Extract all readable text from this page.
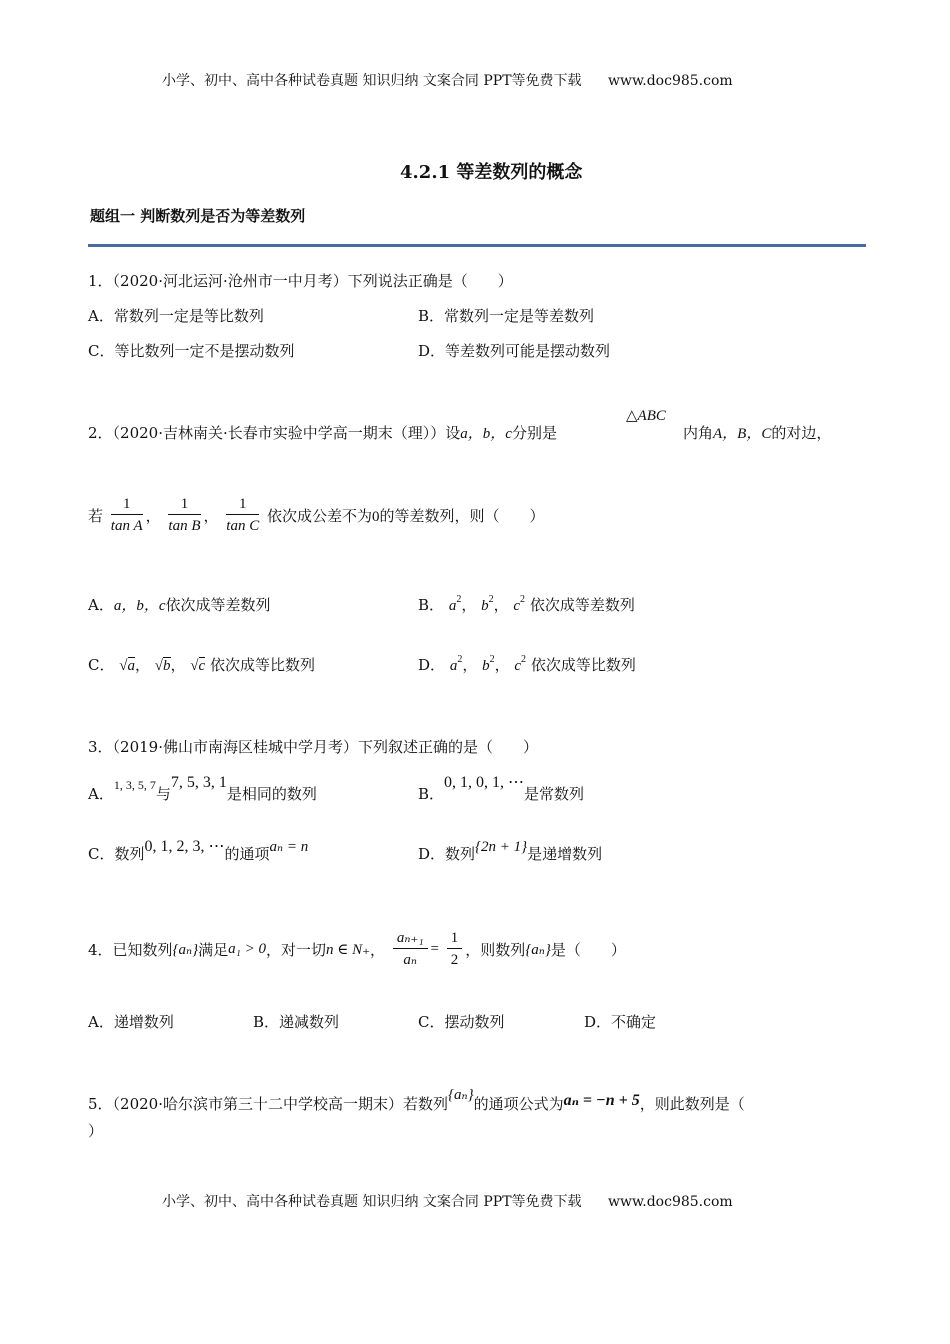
小学、初中、高中各种试卷真题 知识归纳 文案合同 PPT等免费下载 www.doc985.com
4.2.1 等差数列的概念
题组一 判断数列是否为等差数列
1．（2020·河北运河·沧州市一中月考）下列说法正确是（　　）
A．常数列一定是等比数列	B．常数列一定是等差数列
C．等比数列一定不是摆动数列	D．等差数列可能是摆动数列
2．（2020·吉林南关·长春市实验中学高一期末（理））设a，b，c分别是
△ABC
内角A，B，C的对边，
若 $\frac{1}{\text{tan A}}$ ， $\frac{1}{\text{tan B}}$ ， $\frac{1}{\text{tan C}}$ 依次成公差不为0的等差数列，则（　　）
A．a，b，c依次成等差数列	B． $a^2$， $b^2$， $c^2$ 依次成等差数列
C． √a， √b， √c 依次成等比数列	D． $a^2$， $b^2$， $c^2$ 依次成等比数列
3．（2019·佛山市南海区桂城中学月考）下列叙述正确的是（　　）
A．$^{1, 3, 5, 7}$与7, 5, 3, 1是相同的数列	B．0, 1, 0, 1, ⋯是常数列
C．数列0, 1, 2, 3, ⋯的通项aₙ = n	D．数列{2n + 1}是递增数列
4．已知数列{aₙ}满足a₁ > 0，对一切n ∈ N₊， $\frac{\text{aₙ₊₁}}{\text{aₙ}} = \frac{1}{2}$ ，则数列{aₙ}是（　　）
A．递增数列	B．递减数列	C．摆动数列	D．不确定
5．（2020·哈尔滨市第三十二中学校高一期末）若数列{aₙ}的通项公式为aₙ = −n + 5，则此数列是（
）
小学、初中、高中各种试卷真题 知识归纳 文案合同 PPT等免费下载 www.doc985.com
